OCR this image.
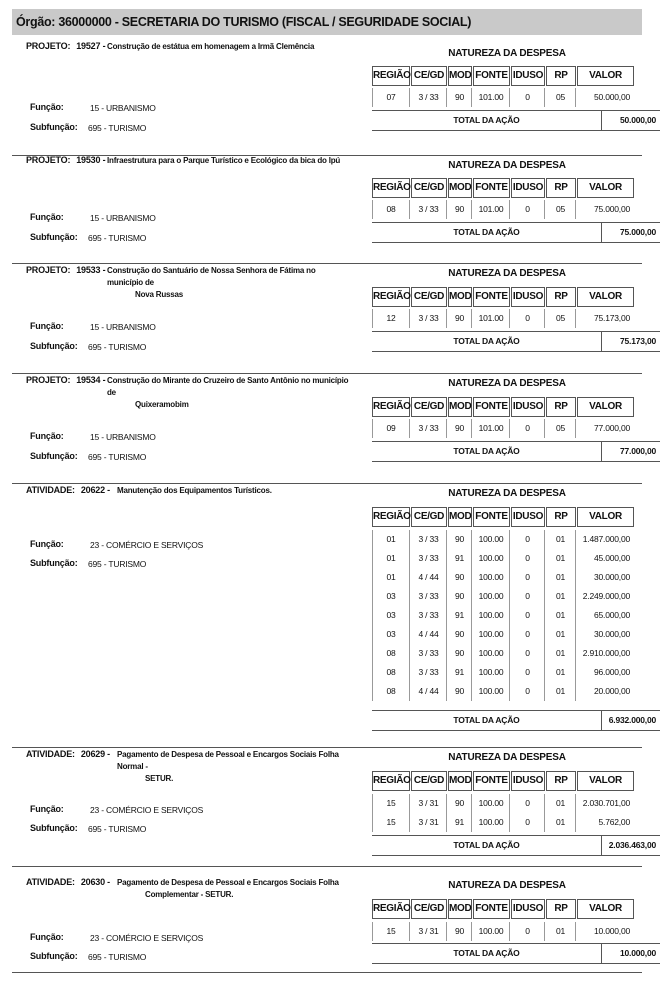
Órgão: 36000000 - SECRETARIA DO TURISMO (FISCAL / SEGURIDADE SOCIAL)
PROJETO: 19527 - Construção de estátua em homenagem a Irmã Clemência
NATUREZA DA DESPESA
REGIÃO CE/GD MOD FONTE IDUSO	RP	VALOR
07	3 / 33	90	101.00	0	05	50.000,00
TOTAL DA AÇÃO	50.000,00
Função:	15 - URBANISMO
Subfunção: 695 - TURISMO
PROJETO: 19530 - Infraestrutura para o Parque Turístico e Ecológico da bica do Ipú	NATUREZA DA DESPESA
REGIÃO CE/GD MOD FONTE IDUSO	RP	VALOR
08	3 / 33	90	101.00	0	05	75.000,00
TOTAL DA AÇÃO	75.000,00
Função:	15 - URBANISMO
Subfunção: 695 - TURISMO
PROJETO: 19533 - Construção do Santuário de Nossa Senhora de Fátima no município de
Nova Russas
NATUREZA DA DESPESA
REGIÃO CE/GD MOD FONTE IDUSO	RP	VALOR
12	3 / 33	90	101.00	0	05	75.173,00
TOTAL DA AÇÃO	75.173,00
Função:	15 - URBANISMO
Subfunção: 695 - TURISMO
PROJETO: 19534 - Construção do Mirante do Cruzeiro de Santo Antônio no município de
Quixeramobim
NATUREZA DA DESPESA
REGIÃO CE/GD MOD FONTE IDUSO	RP	VALOR
09	3 / 33	90	101.00	0	05	77.000,00
TOTAL DA AÇÃO	77.000,00
Função:	15 - URBANISMO
Subfunção: 695 - TURISMO
ATIVIDADE: 20622 - Manutenção dos Equipamentos Turísticos.	NATUREZA DA DESPESA
REGIÃO CE/GD MOD FONTE IDUSO	RP	VALOR
01	3 / 33	90	100.00	0	01	1.487.000,00
01	3 / 33	91	100.00	0	01	45.000,00
01	4 / 44	90	100.00	0	01	30.000,00
03	3 / 33	90	100.00	0	01	2.249.000,00
03	3 / 33	91	100.00	0	01	65.000,00
03	4 / 44	90	100.00	0	01	30.000,00
08	3 / 33	90	100.00	0	01	2.910.000,00
08	3 / 33	91	100.00	0	01	96.000,00
08	4 / 44	90	100.00	0	01	20.000,00
TOTAL DA AÇÃO	6.932.000,00
Função:	23 - COMÉRCIO E SERVIÇOS
Subfunção: 695 - TURISMO
ATIVIDADE: 20629 - Pagamento de Despesa de Pessoal e Encargos Sociais Folha Normal -
SETUR.
NATUREZA DA DESPESA
REGIÃO CE/GD MOD FONTE IDUSO	RP	VALOR
15	3 / 31	90	100.00	0	01	2.030.701,00
15	3 / 31	91	100.00	0	01	5.762,00
TOTAL DA AÇÃO	2.036.463,00
Função:	23 - COMÉRCIO E SERVIÇOS
Subfunção: 695 - TURISMO
ATIVIDADE: 20630 - Pagamento de Despesa de Pessoal e Encargos Sociais Folha
Complementar - SETUR.
NATUREZA DA DESPESA
REGIÃO CE/GD MOD FONTE IDUSO	RP	VALOR
15	3 / 31	90	100.00	0	01	10.000,00
TOTAL DA AÇÃO	10.000,00
Função:	23 - COMÉRCIO E SERVIÇOS
Subfunção: 695 - TURISMO
